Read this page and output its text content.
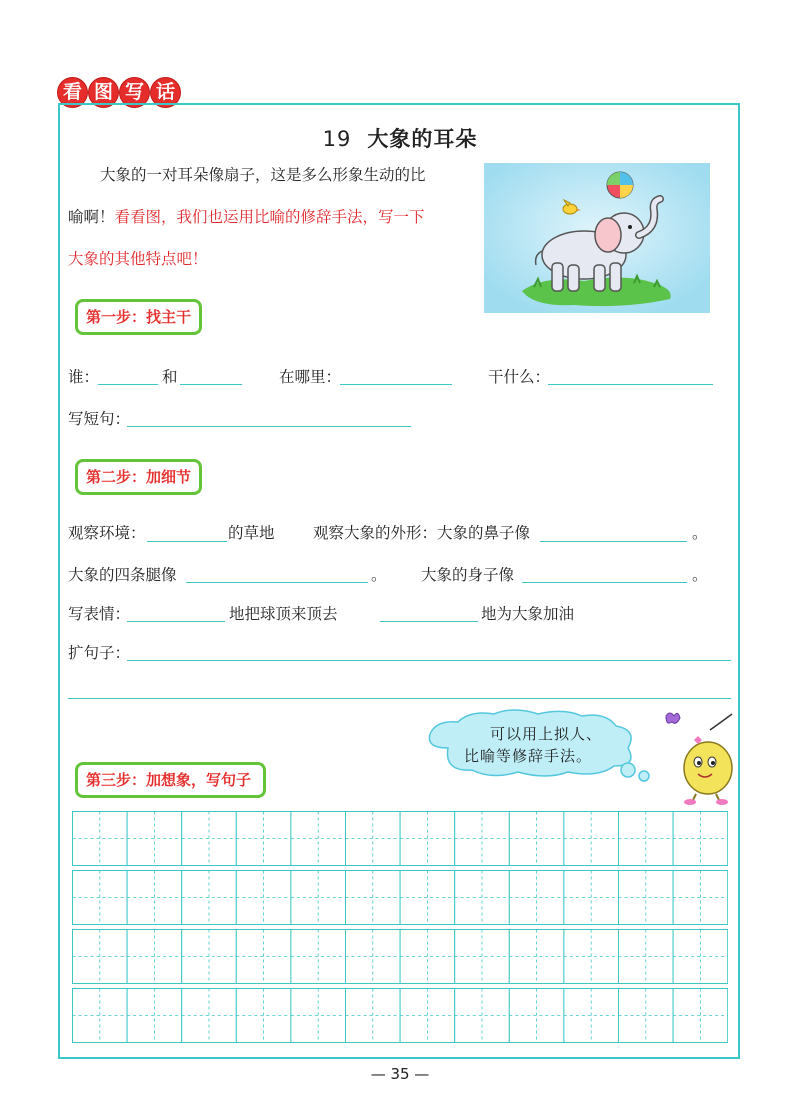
看 图 写 话
19 大象的耳朵
大象的一对耳朵像扇子，这是多么形象生动的比
喻啊！看看图，我们也运用比喻的修辞手法，写一下
大象的其他特点吧！
第一步：找主干
谁：	和	在哪里：	干什么：
写短句：
第二步：加细节
观察环境：	的草地 观察大象的外形：大象的鼻子像	。
大象的四条腿像	。 大象的身子像	。
写表情：	地把球顶来顶去	地为大象加油
扩句子：
可以用上拟人、
比喻等修辞手法。
第三步：加想象，写句子
— 35 —
